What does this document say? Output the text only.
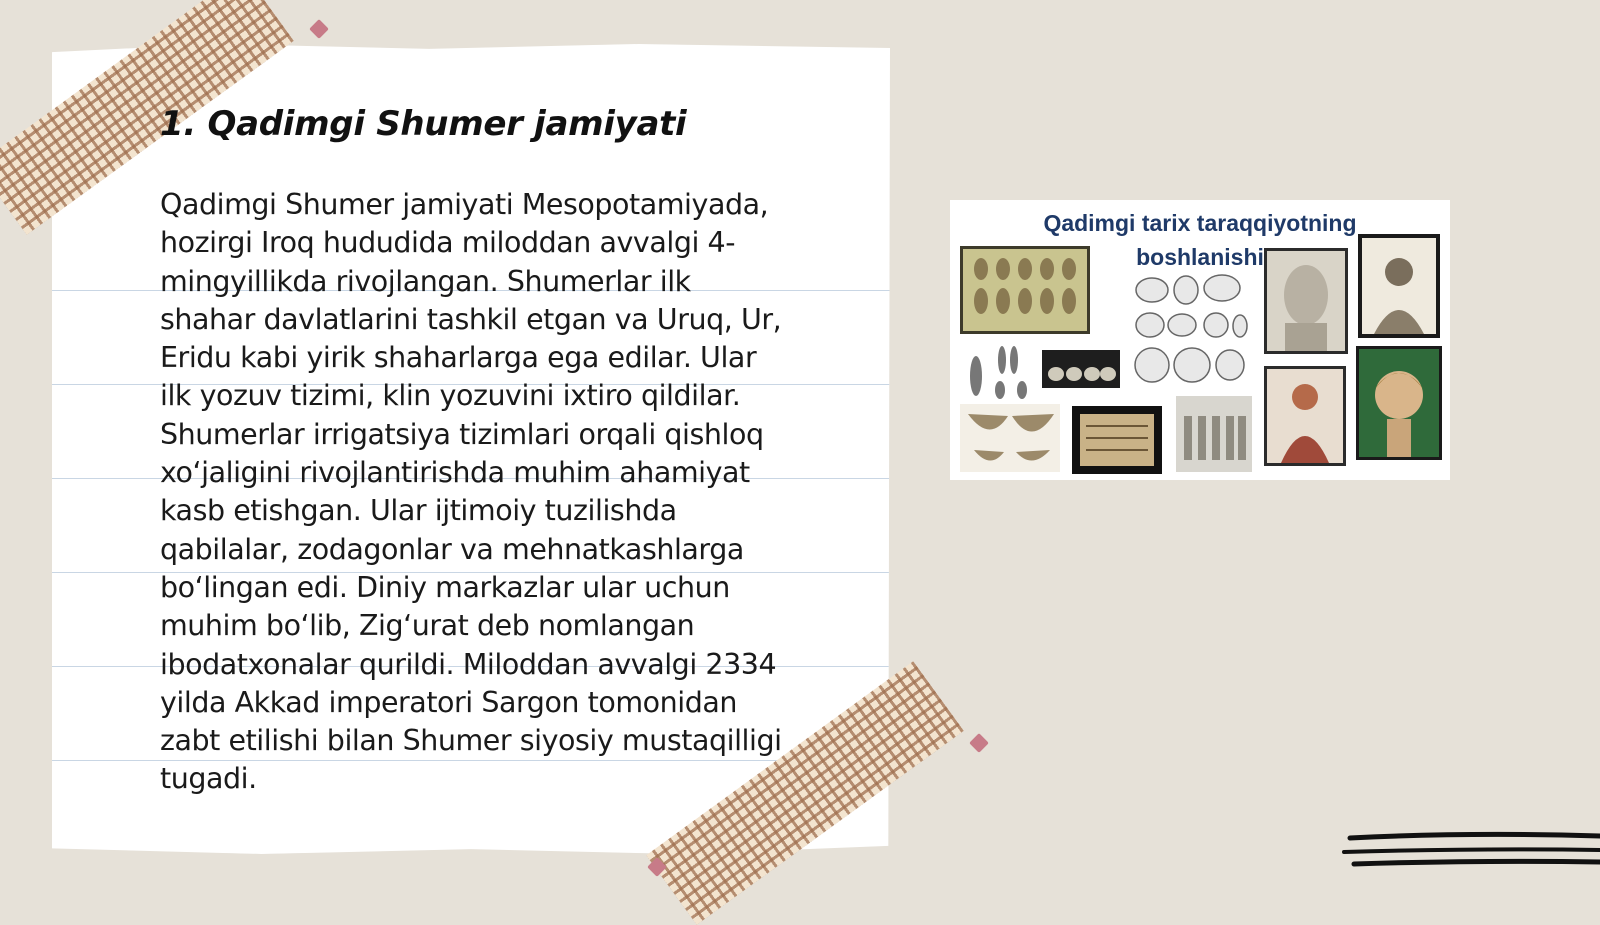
1. Qadimgi Shumer jamiyati

Qadimgi Shumer jamiyati Mesopotamiyada,
hozirgi Iroq hududida miloddan avvalgi 4-
mingyillikda rivojlangan. Shumerlar ilk
shahar davlatlarini tashkil etgan va Uruq, Ur,
Eridu kabi yirik shaharlarga ega edilar. Ular
ilk yozuv tizimi, klin yozuvini ixtiro qildilar.
Shumerlar irrigatsiya tizimlari orqali qishloq
xo‘jaligini rivojlantirishda muhim ahamiyat
kasb etishgan. Ular ijtimoiy tuzilishda
qabilalar, zodagonlar va mehnatkashlarga
bo‘lingan edi. Diniy markazlar ular uchun
muhim bo‘lib, Zig‘urat deb nomlangan
ibodatxonalar qurildi. Miloddan avvalgi 2334
yilda Akkad imperatori Sargon tomonidan
zabt etilishi bilan Shumer siyosiy mustaqilligi
tugadi.

Qadimgi tarix taraqqiyotning
boshlanishi
